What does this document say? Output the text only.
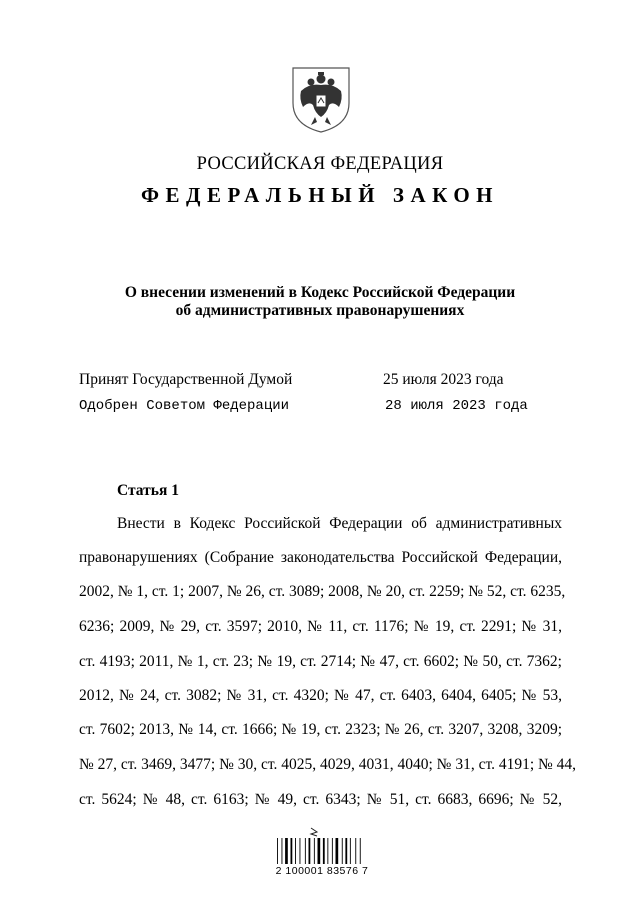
РОССИЙСКАЯ ФЕДЕРАЦИЯ
ФЕДЕРАЛЬНЫЙ ЗАКОН
О внесении изменений в Кодекс Российской Федерации
об административных правонарушениях
Принят Государственной Думой	25 июля 2023 года
Одобрен Советом Федерации	28 июля 2023 года
Статья 1
Внести в Кодекс Российской Федерации об административных
правонарушениях (Собрание законодательства Российской Федерации,
2002, № 1, ст. 1; 2007, № 26, ст. 3089; 2008, № 20, ст. 2259; № 52, ст. 6235,
6236; 2009, № 29, ст. 3597; 2010, № 11, ст. 1176; № 19, ст. 2291; № 31,
ст. 4193; 2011, № 1, ст. 23; № 19, ст. 2714; № 47, ст. 6602; № 50, ст. 7362;
2012, № 24, ст. 3082; № 31, ст. 4320; № 47, ст. 6403, 6404, 6405; № 53,
ст. 7602; 2013, № 14, ст. 1666; № 19, ст. 2323; № 26, ст. 3207, 3208, 3209;
№ 27, ст. 3469, 3477; № 30, ст. 4025, 4029, 4031, 4040; № 31, ст. 4191; № 44,
ст. 5624; № 48, ст. 6163; № 49, ст. 6343; № 51, ст. 6683, 6696; № 52,
2 100001 83576 7
